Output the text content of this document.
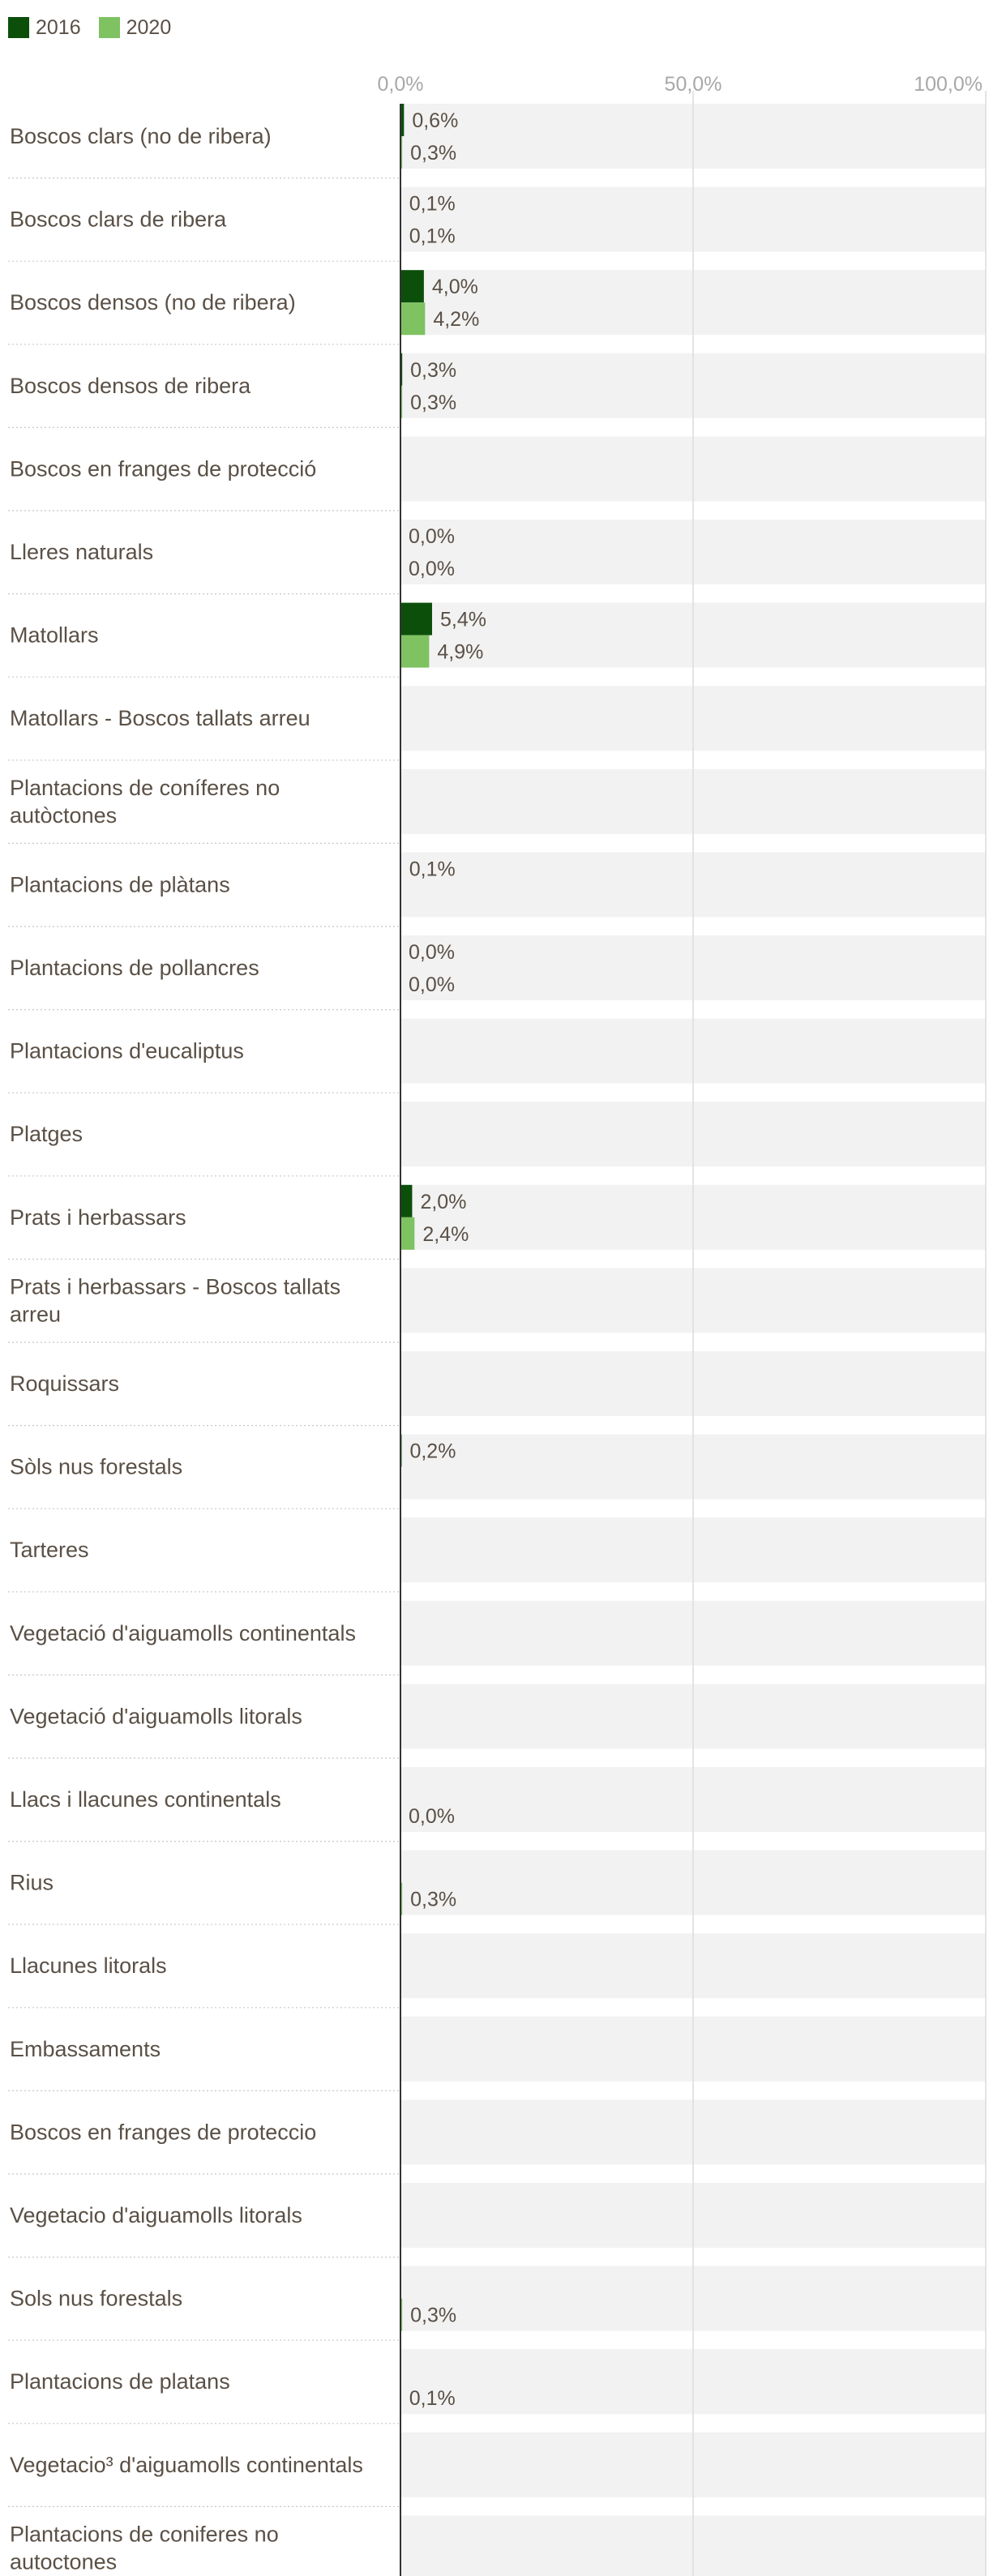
2016 2020
0,0%	50,0%	100,0%
Boscos clars (no de ribera)
Boscos clars de ribera
Boscos densos (no de ribera)
Boscos densos de ribera
Boscos en franges de protecció
Lleres naturals
Matollars
Matollars - Boscos tallats arreu
Plantacions de coníferes no autòctones
Plantacions de plàtans
Plantacions de pollancres
Plantacions d'eucaliptus
Platges
Prats i herbassars
Prats i herbassars - Boscos tallats arreu
Roquissars
Sòls nus forestals
Tarteres
Vegetació d'aiguamolls continentals
Vegetació d'aiguamolls litorals
Llacs i llacunes continentals
Rius
Llacunes litorals
Embassaments
Boscos en franges de proteccio
Vegetacio d'aiguamolls litorals
Sols nus forestals
Plantacions de platans
Vegetacio³ d'aiguamolls continentals
Plantacions de coniferes no autoctones
0,6%
0,1%
4,0%
0,3%
0,0%
5,4%
0,1%
0,0%
2,0%
0,2%
0,3%
0,1%
4,2%
0,3%
0,0%
4,9%
0,0%
2,4%
0,0%
0,3%
0,3%
0,1%
